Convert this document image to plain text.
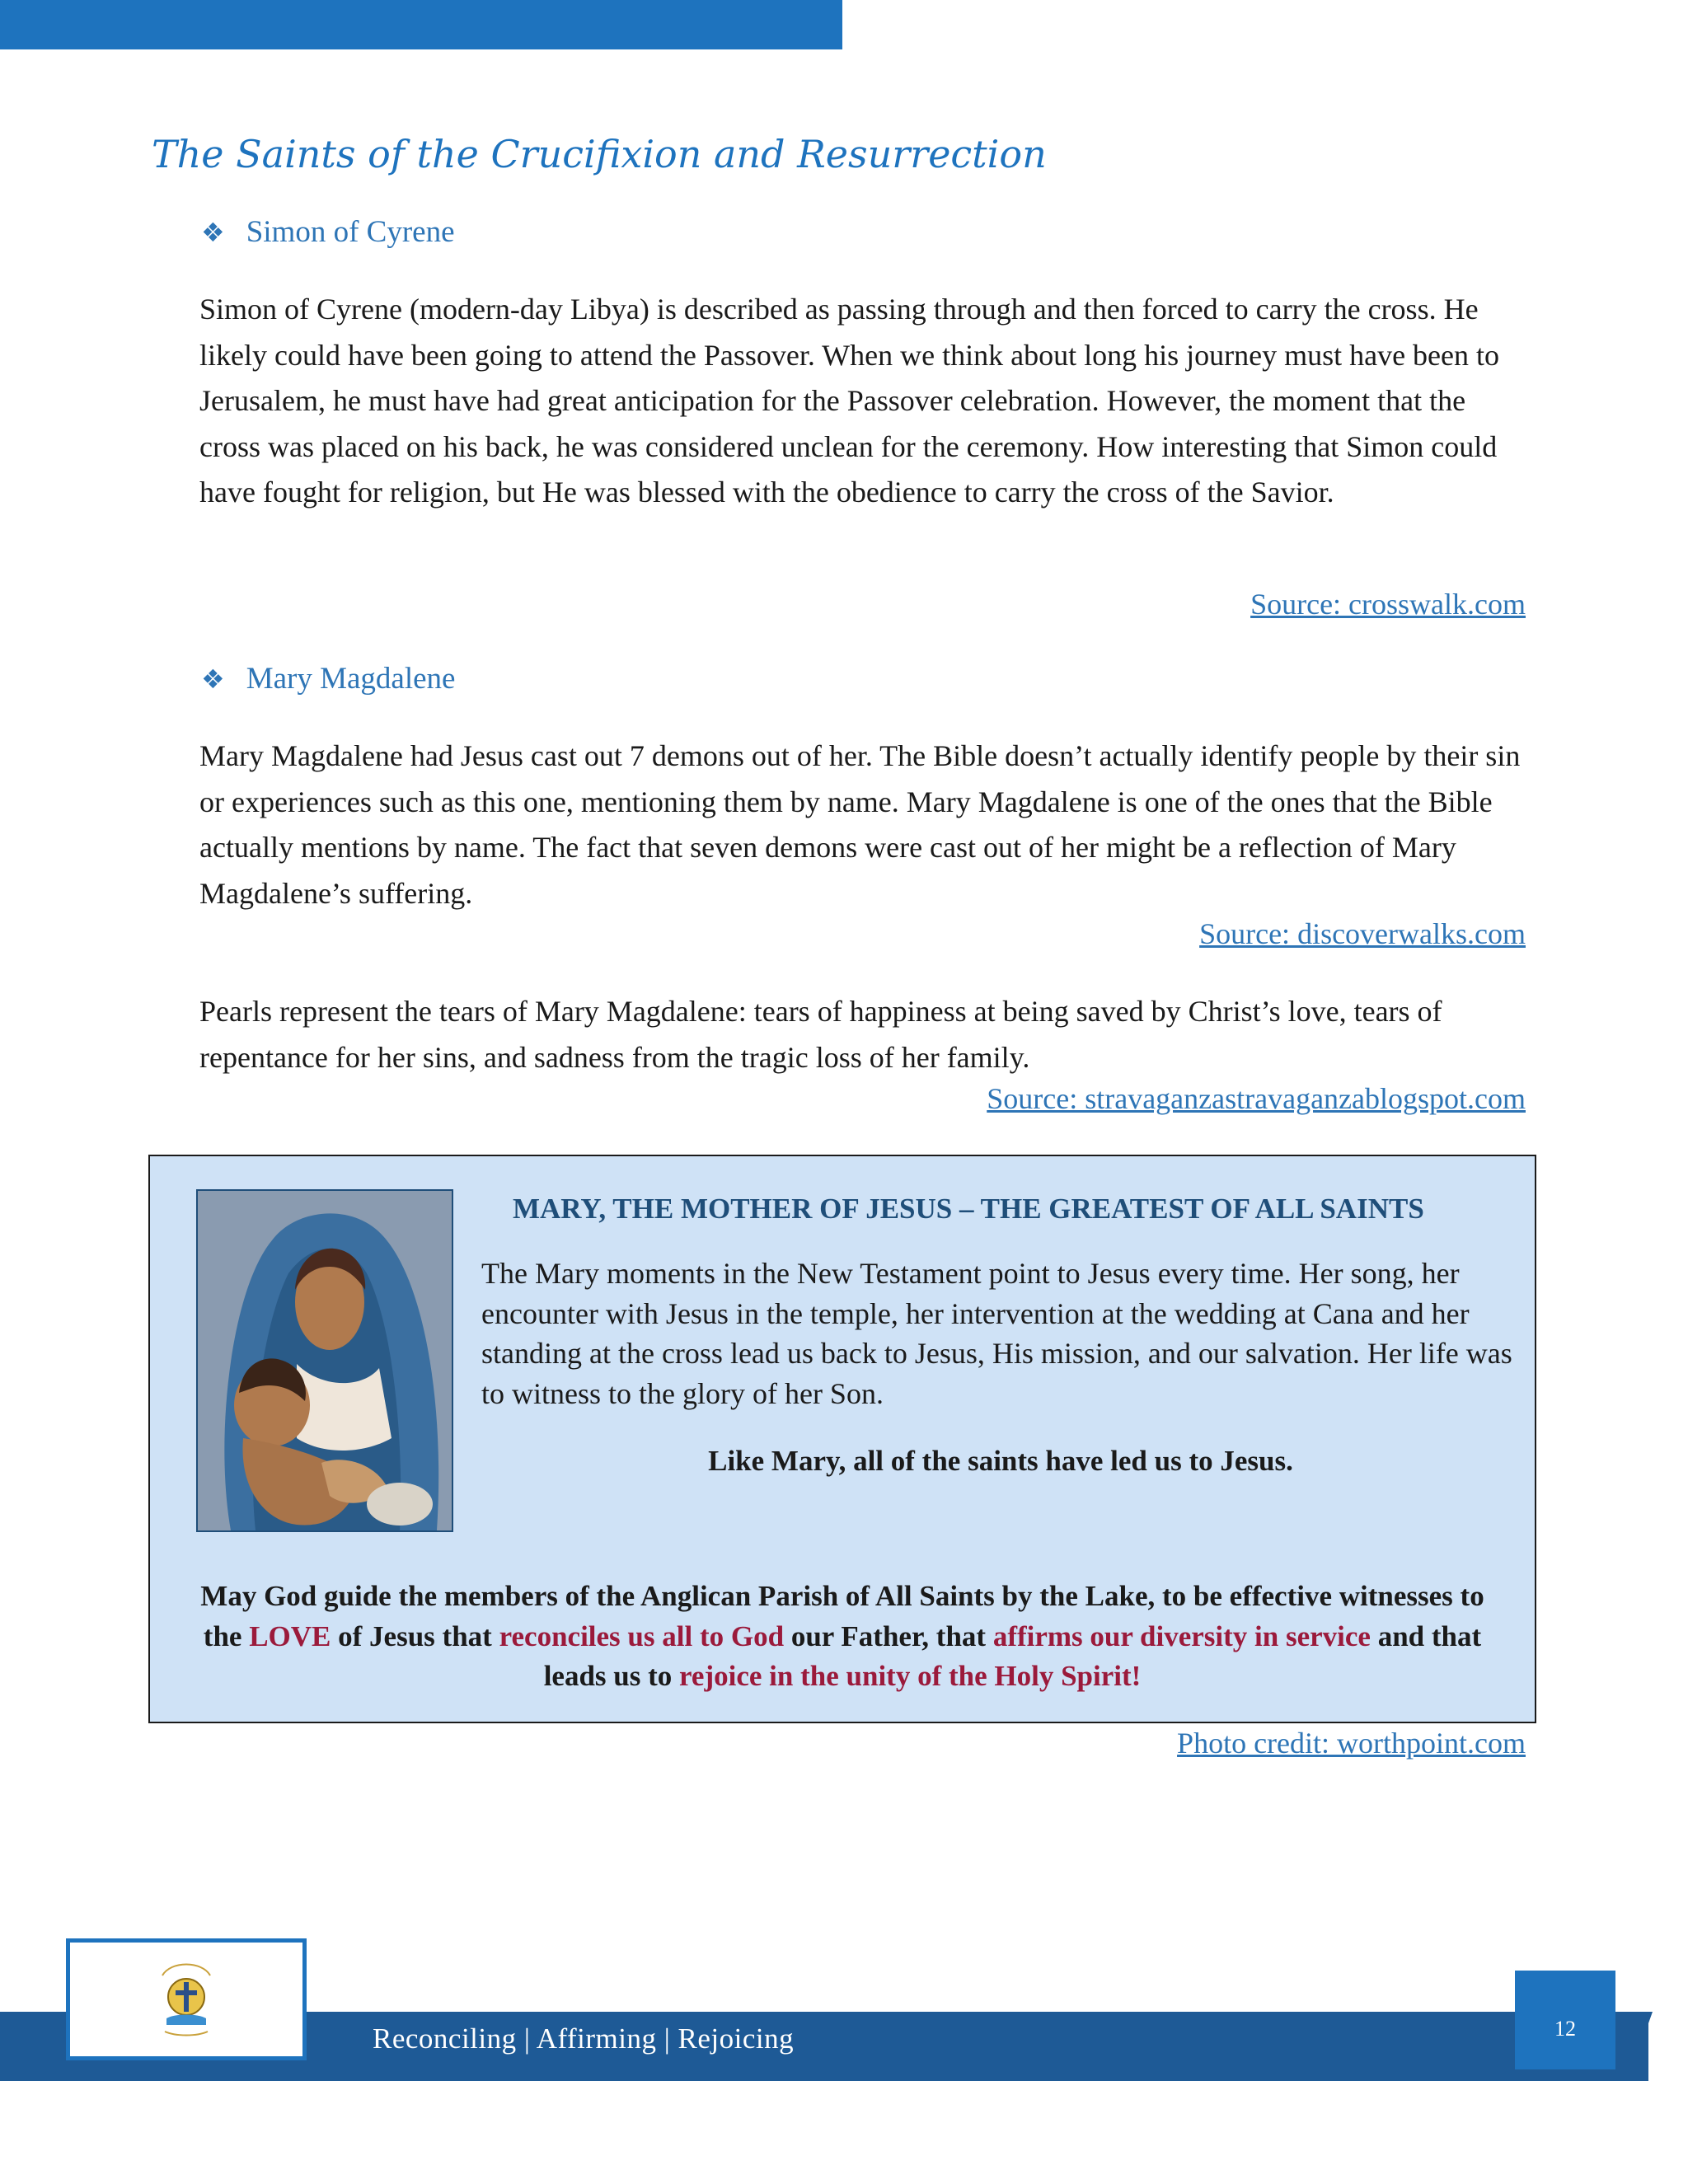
The Saints of the Crucifixion and Resurrection
❖ Simon of Cyrene

Simon of Cyrene (modern-day Libya) is described as passing through and then forced to carry the cross. He likely could have been going to attend the Passover. When we think about long his journey must have been to Jerusalem, he must have had great anticipation for the Passover celebration. However, the moment that the cross was placed on his back, he was considered unclean for the ceremony. How interesting that Simon could have fought for religion, but He was blessed with the obedience to carry the cross of the Savior.

Source: crosswalk.com
❖ Mary Magdalene

Mary Magdalene had Jesus cast out 7 demons out of her. The Bible doesn’t actually identify people by their sin or experiences such as this one, mentioning them by name. Mary Magdalene is one of the ones that the Bible actually mentions by name. The fact that seven demons were cast out of her might be a reflection of Mary Magdalene’s suffering.

Source: discoverwalks.com

Pearls represent the tears of Mary Magdalene: tears of happiness at being saved by Christ’s love, tears of repentance for her sins, and sadness from the tragic loss of her family.

Source: stravaganzastravaganzablogspot.com
MARY, THE MOTHER OF JESUS – THE GREATEST OF ALL SAINTS

The Mary moments in the New Testament point to Jesus every time. Her song, her encounter with Jesus in the temple, her intervention at the wedding at Cana and her standing at the cross lead us back to Jesus, His mission, and our salvation. Her life was to witness to the glory of her Son.

Like Mary, all of the saints have led us to Jesus.

May God guide the members of the Anglican Parish of All Saints by the Lake, to be effective witnesses to the LOVE of Jesus that reconciles us all to God our Father, that affirms our diversity in service and that leads us to rejoice in the unity of the Holy Spirit!

Photo credit: worthpoint.com
Reconciling | Affirming | Rejoicing	12
